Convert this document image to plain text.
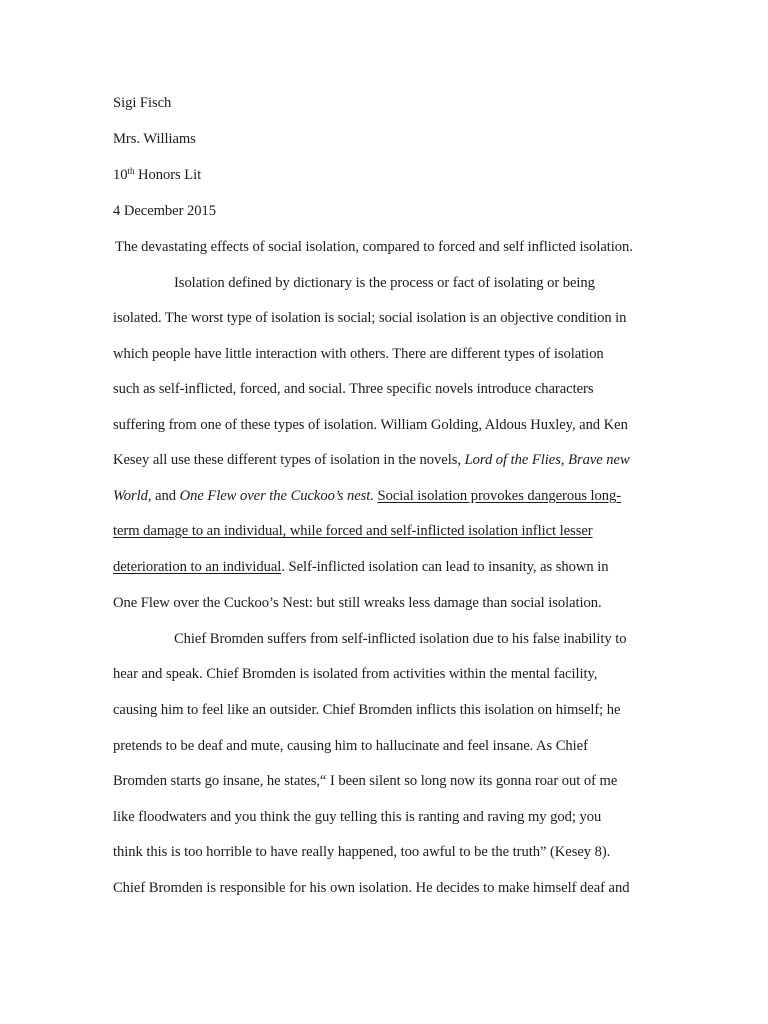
Sigi Fisch
Mrs. Williams
10th Honors Lit
4 December 2015
The devastating effects of social isolation, compared to forced and self inflicted isolation.
Isolation defined by dictionary is the process or fact of isolating or being
isolated. The worst type of isolation is social; social isolation is an objective condition in
which people have little interaction with others. There are different types of isolation
such as self-inflicted, forced, and social. Three specific novels introduce characters
suffering from one of these types of isolation. William Golding, Aldous Huxley, and Ken
Kesey all use these different types of isolation in the novels, Lord of the Flies, Brave new
World, and One Flew over the Cuckoo’s nest. Social isolation provokes dangerous long-
term damage to an individual, while forced and self-inflicted isolation inflict lesser
deterioration to an individual. Self-inflicted isolation can lead to insanity, as shown in
One Flew over the Cuckoo’s Nest: but still wreaks less damage than social isolation.
Chief Bromden suffers from self-inflicted isolation due to his false inability to
hear and speak. Chief Bromden is isolated from activities within the mental facility,
causing him to feel like an outsider. Chief Bromden inflicts this isolation on himself; he
pretends to be deaf and mute, causing him to hallucinate and feel insane. As Chief
Bromden starts go insane, he states,“ I been silent so long now its gonna roar out of me
like floodwaters and you think the guy telling this is ranting and raving my god; you
think this is too horrible to have really happened, too awful to be the truth” (Kesey 8).
Chief Bromden is responsible for his own isolation. He decides to make himself deaf and
